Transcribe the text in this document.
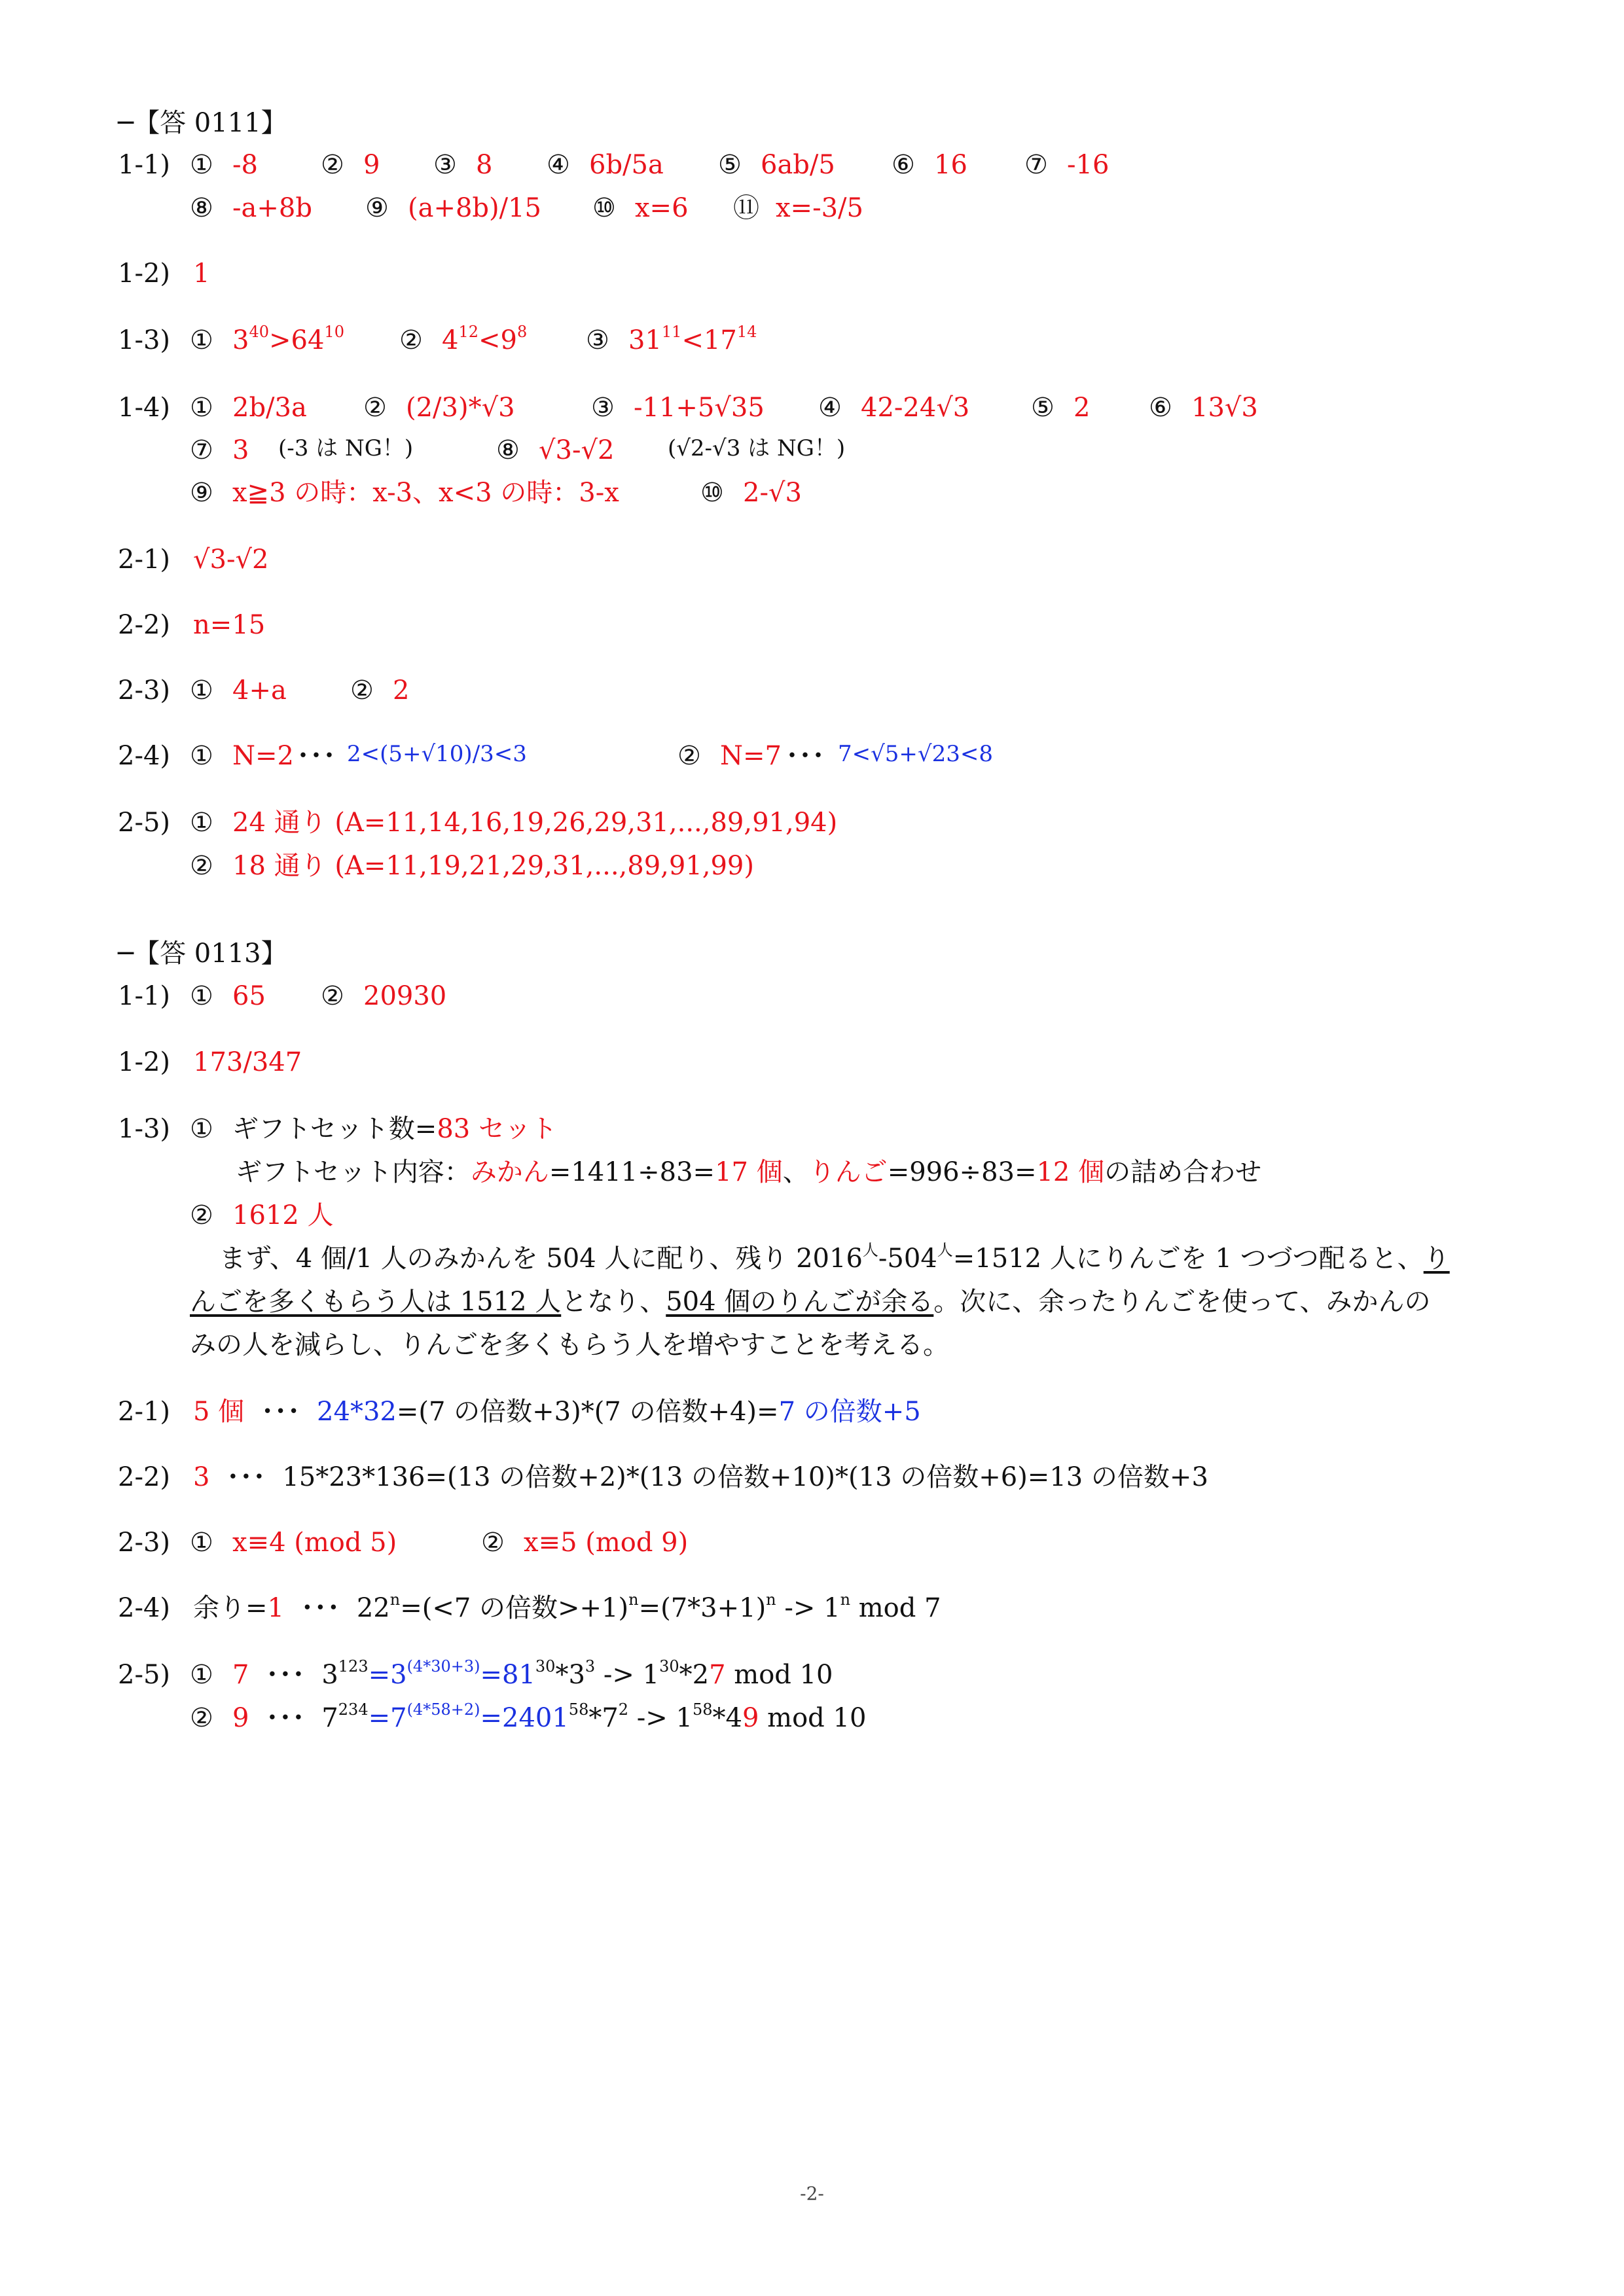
─【答 0111】
1-1) ① -8 ② 9 ③ 8 ④ 6b/5a ⑤ 6ab/5 ⑥ 16 ⑦ -16
⑧ -a+8b ⑨ (a+8b)/15 ⑩ x=6 ⑪ x=-3/5
1-2) 1
1-3) ① $3^{40}>64^{10}$ ② $4^{12}<9^8$ ③ $31^{11}<17^{14}$
1-4) ① 2b/3a ② (2/3)*√3	③ -11+5√35 ④ 42-24√3 ⑤ 2 ⑥ 13√3
⑦ 3 (-3 は NG！)	⑧ √3-√2 (√2-√3 は NG！)
⑨ x≧3 の時：x-3、x<3 の時：3-x	⑩ 2-√3
2-1) √3-√2
2-2) n=15
2-3) ① 4+a ② 2
2-4) ① N=2 ･･･ 2<(5+√10)/3<3	② N=7 ･･･ 7<√5+√23<8
2-5) ① 24 通り (A=11,14,16,19,26,29,31,...,89,91,94)
② 18 通り (A=11,19,21,29,31,...,89,91,99)
─【答 0113】
1-1) ① 65 ② 20930
1-2) 173/347
1-3) ① ギフトセット数=83 セット
ギフトセット内容：みかん=1411÷83=17 個、りんご=996÷83=12 個の詰め合わせ
② 1612 人
まず、4 個/1 人のみかんを 504 人に配り、残り $2016^人-504^人=1512$ 人にりんごを 1 つづつ配ると、り
んごを多くもらう人は 1512 人となり、504 個のりんごが余る。次に、余ったりんごを使って、みかんの
みの人を減らし、りんごを多くもらう人を増やすことを考える。
2-1) 5 個 ･･･ 24*32=(7 の倍数+3)*(7 の倍数+4)=7 の倍数+5
2-2) 3 ･･･ 15*23*136=(13 の倍数+2)*(13 の倍数+10)*(13 の倍数+6)=13 の倍数+3
2-3) ① x≡4 (mod 5)	② x≡5 (mod 9)
2-4) 余り=1 ･･･ $22^n=(<7$ の倍数$>+1)^n=(7*3+1)^n -> 1^n$ mod 7
2-5) ① 7 ･･･ $3^{123}=3^{(4*30+3)}=81^{30}*3^3 -> 1^{30}*27$ mod 10
② 9 ･･･ $7^{234}=7^{(4*58+2)}=2401^{58}*7^2 -> 1^{58}*49$ mod 10
-2-
